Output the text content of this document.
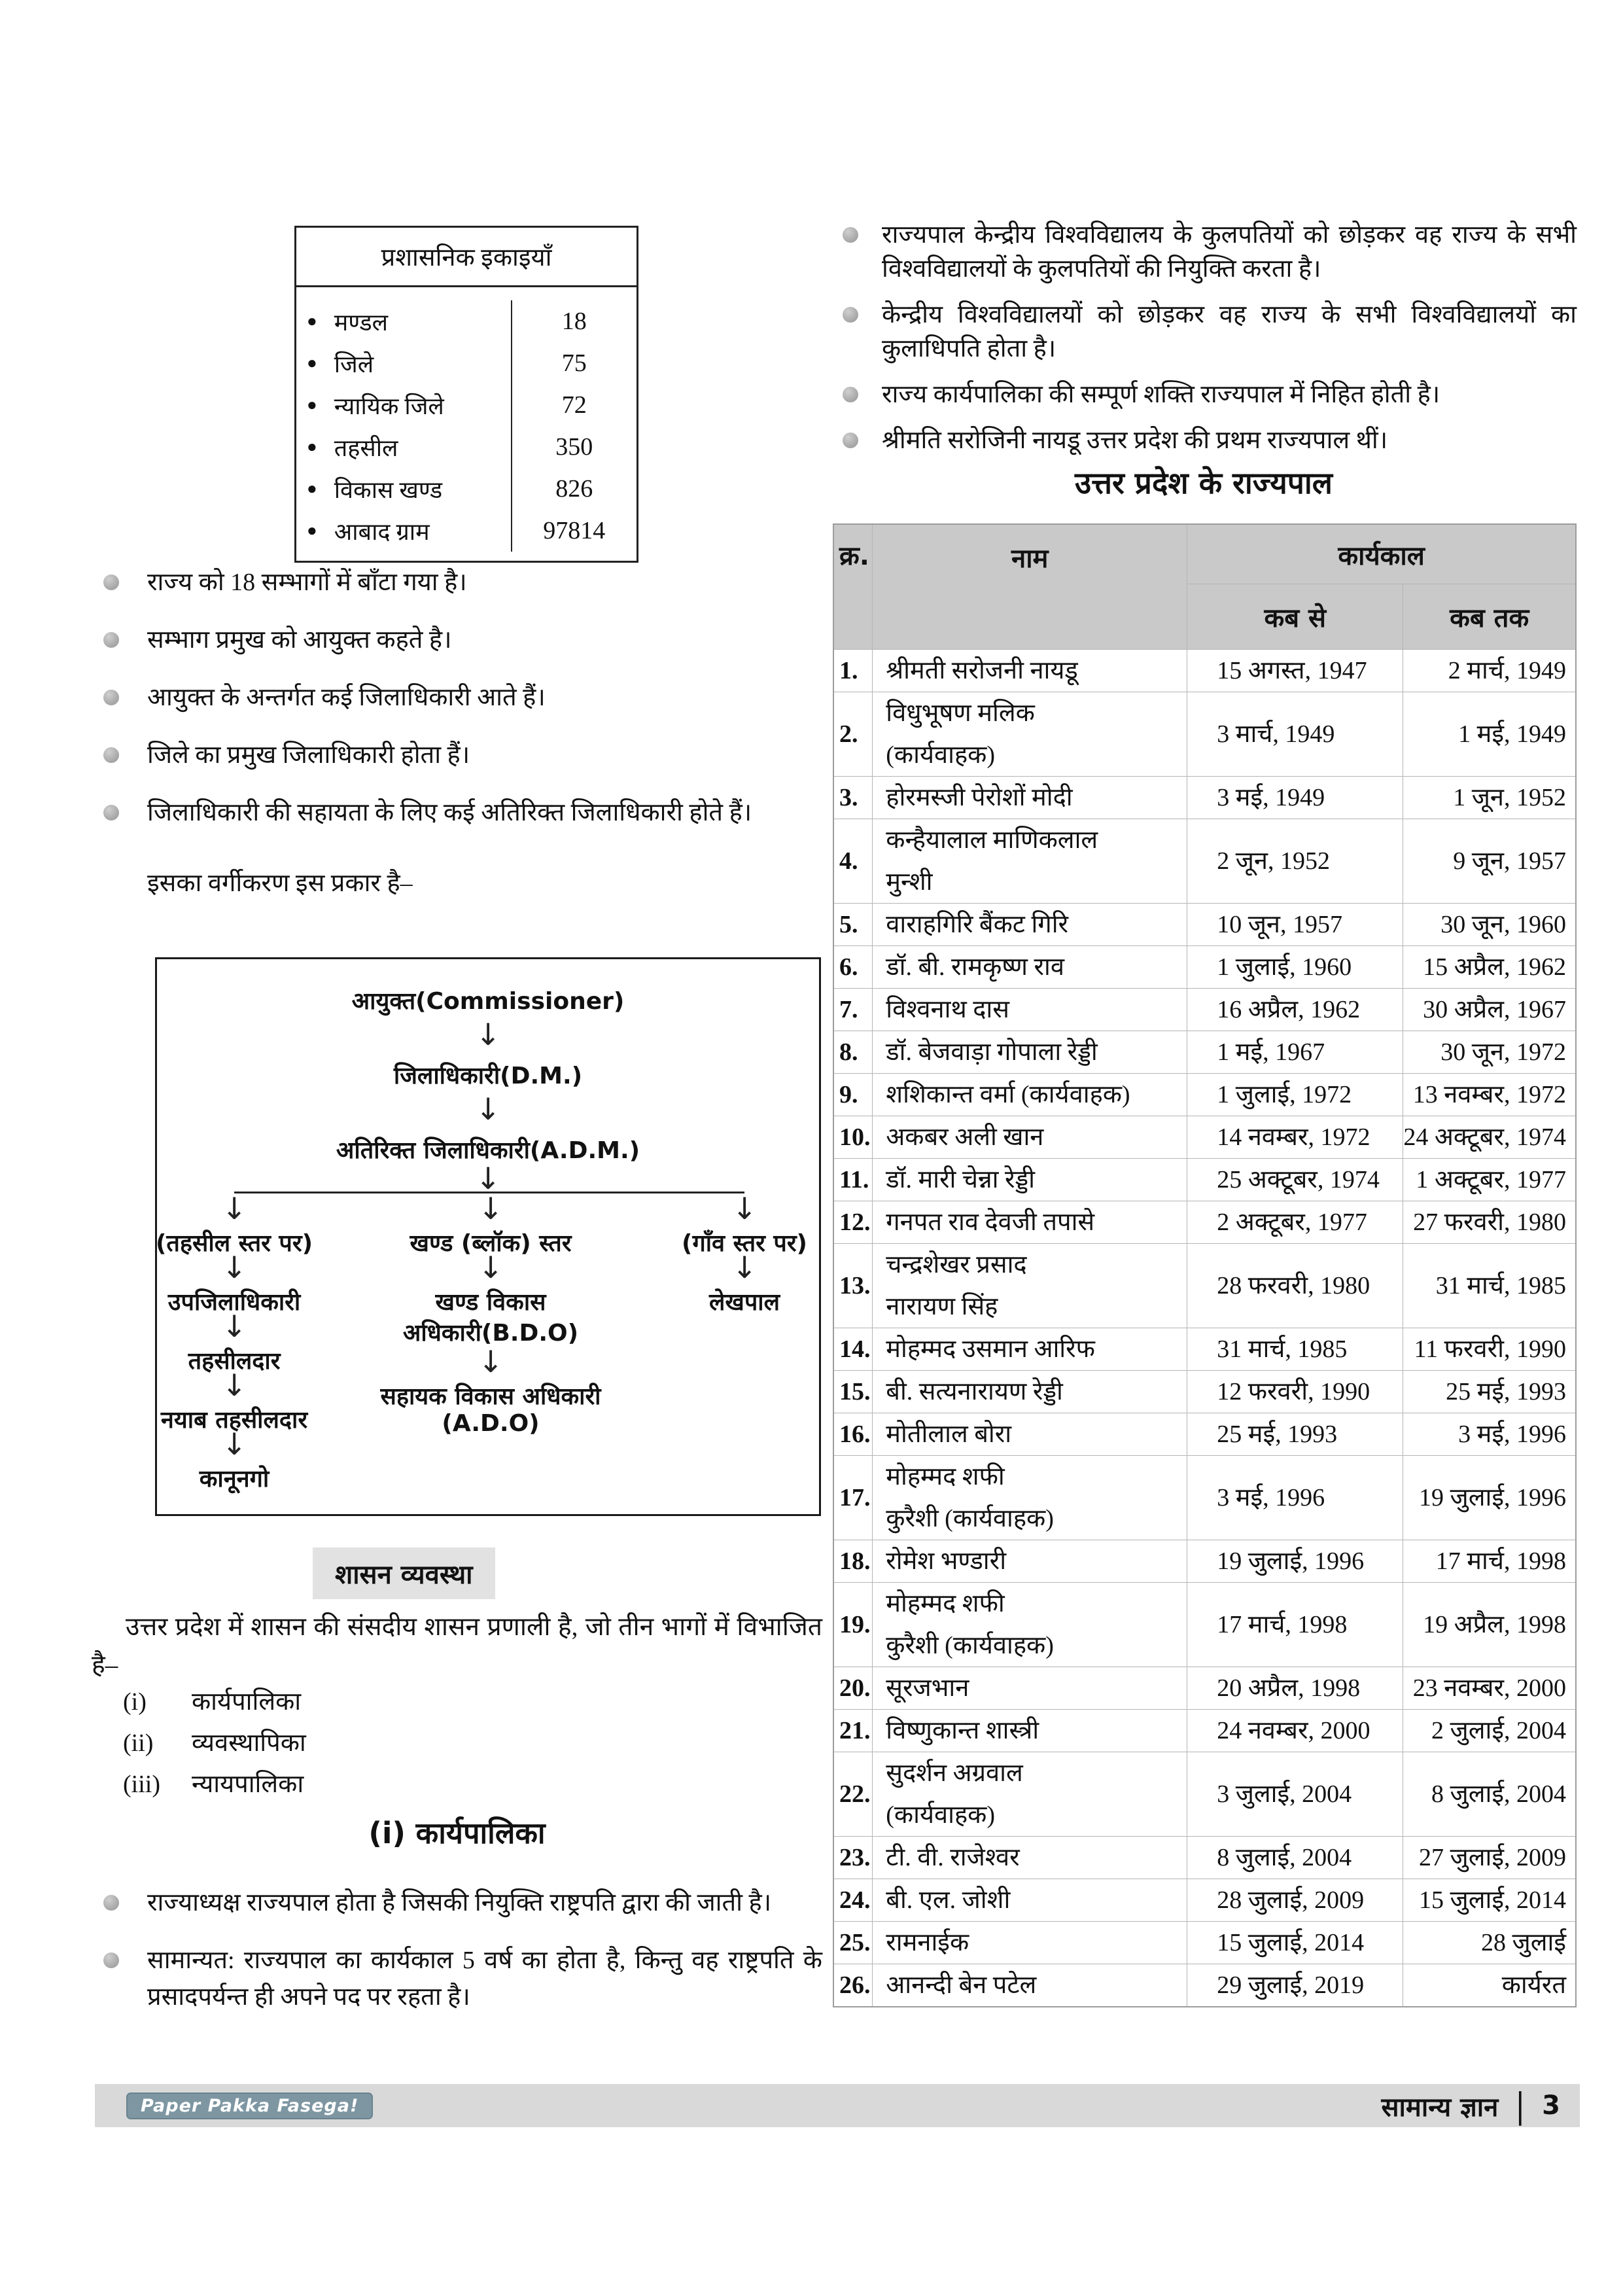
प्रशासनिक इकाइयाँ
● मण्डल	18
● जिले	75
● न्यायिक जिले	72
● तहसील	350
● विकास खण्ड	826
● आबाद ग्राम	97814
राज्य को 18 सम्भागों में बाँटा गया है।
सम्भाग प्रमुख को आयुक्त कहते है।
आयुक्त के अन्तर्गत कई जिलाधिकारी आते हैं।
जिले का प्रमुख जिलाधिकारी होता हैं।
जिलाधिकारी की सहायता के लिए कई अतिरिक्त जिलाधिकारी होते हैं।
इसका वर्गीकरण इस प्रकार है–
आयुक्त(Commissioner)
↓
जिलाधिकारी(D.M.)
↓
अतिरिक्त जिलाधिकारी(A.D.M.)
↓
↓	↓	↓
(तहसील स्तर पर)	खण्ड (ब्लॉक) स्तर	(गाँव स्तर पर)
↓	↓	↓
उपजिलाधिकारी	खण्ड विकास
अधिकारी(B.D.O)
लेखपाल
↓
तहसीलदार	↓
सहायक विकास अधिकारी
(A.D.O)
↓
नयाब तहसीलदार
↓
कानूनगो
शासन व्यवस्था
उत्तर प्रदेश में शासन की संसदीय शासन प्रणाली है, जो तीन भागों में विभाजित है–
(i)	कार्यपालिका
(ii)	व्यवस्थापिका
(iii)	न्यायपालिका
(i) कार्यपालिका
राज्याध्यक्ष राज्यपाल होता है जिसकी नियुक्ति राष्ट्रपति द्वारा की जाती है।
सामान्यत: राज्यपाल का कार्यकाल 5 वर्ष का होता है, किन्तु वह राष्ट्रपति के प्रसादपर्यन्त ही अपने पद पर रहता है।
राज्यपाल केन्द्रीय विश्वविद्यालय के कुलपतियों को छोड़कर वह राज्य के सभी विश्वविद्यालयों के कुलपतियों की नियुक्ति करता है।
केन्द्रीय विश्वविद्यालयों को छोड़कर वह राज्य के सभी विश्वविद्यालयों का कुलाधिपति होता है।
राज्य कार्यपालिका की सम्पूर्ण शक्ति राज्यपाल में निहित होती है।
श्रीमति सरोजिनी नायडू उत्तर प्रदेश की प्रथम राज्यपाल थीं।
उत्तर प्रदेश के राज्यपाल
क्र.	नाम	कार्यकाल	
		कब से	कब तक
1.	श्रीमती सरोजनी नायडू	15 अगस्त, 1947	2 मार्च, 1949
2.	विधुभूषण मलिक
(कार्यवाहक)	3 मार्च, 1949	1 मई, 1949
3.	होरमस्जी पेरोशों मोदी	3 मई, 1949	1 जून, 1952
4.	कन्हैयालाल माणिकलाल
मुन्शी	2 जून, 1952	9 जून, 1957
5.	वाराहगिरि बैंकट गिरि	10 जून, 1957	30 जून, 1960
6.	डॉ. बी. रामकृष्ण राव	1 जुलाई, 1960	15 अप्रैल, 1962
7.	विश्वनाथ दास	16 अप्रैल, 1962	30 अप्रैल, 1967
8.	डॉ. बेजवाड़ा गोपाला रेड्डी	1 मई, 1967	30 जून, 1972
9.	शशिकान्त वर्मा (कार्यवाहक)	1 जुलाई, 1972	13 नवम्बर, 1972
10.	अकबर अली खान	14 नवम्बर, 1972	24 अक्टूबर, 1974
11.	डॉ. मारी चेन्ना रेड्डी	25 अक्टूबर, 1974	1 अक्टूबर, 1977
12.	गनपत राव देवजी तपासे	2 अक्टूबर, 1977	27 फरवरी, 1980
13.	चन्द्रशेखर प्रसाद
नारायण सिंह	28 फरवरी, 1980	31 मार्च, 1985
14.	मोहम्मद उसमान आरिफ	31 मार्च, 1985	11 फरवरी, 1990
15.	बी. सत्यनारायण रेड्डी	12 फरवरी, 1990	25 मई, 1993
16.	मोतीलाल बोरा	25 मई, 1993	3 मई, 1996
17.	मोहम्मद शफी
कुरैशी (कार्यवाहक)	3 मई, 1996	19 जुलाई, 1996
18.	रोमेश भण्डारी	19 जुलाई, 1996	17 मार्च, 1998
19.	मोहम्मद शफी
कुरैशी (कार्यवाहक)	17 मार्च, 1998	19 अप्रैल, 1998
20.	सूरजभान	20 अप्रैल, 1998	23 नवम्बर, 2000
21.	विष्णुकान्त शास्त्री	24 नवम्बर, 2000	2 जुलाई, 2004
22.	सुदर्शन अग्रवाल
(कार्यवाहक)	3 जुलाई, 2004	8 जुलाई, 2004
23.	टी. वी. राजेश्वर	8 जुलाई, 2004	27 जुलाई, 2009
24.	बी. एल. जोशी	28 जुलाई, 2009	15 जुलाई, 2014
25.	रामनाईक	15 जुलाई, 2014	28 जुलाई
26.	आनन्दी बेन पटेल	29 जुलाई, 2019	कार्यरत
Paper Pakka Fasega!	सामान्य ज्ञान | 3
